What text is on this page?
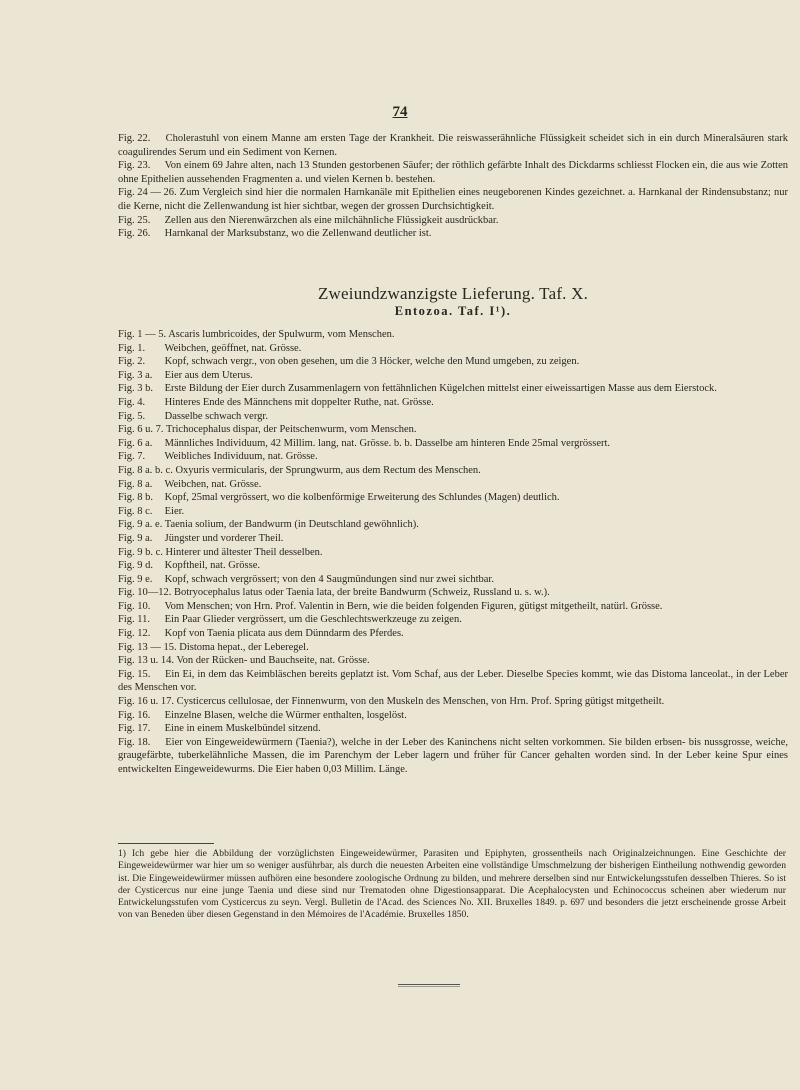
74
Fig. 22. Cholerastuhl von einem Manne am ersten Tage der Krankheit. Die reiswasserähnliche Flüssigkeit scheidet sich in ein durch Mineralsäuren stark coagulirendes Serum und ein Sediment von Kernen.
Fig. 23. Von einem 69 Jahre alten, nach 13 Stunden gestorbenen Säufer; der röthlich gefärbte Inhalt des Dickdarms schliesst Flocken ein, die aus wie Zotten ohne Epithelien aussehenden Fragmenten a. und vielen Kernen b. bestehen.
Fig. 24 — 26. Zum Vergleich sind hier die normalen Harnkanäle mit Epithelien eines neugeborenen Kindes gezeichnet. a. Harnkanal der Rindensubstanz; nur die Kerne, nicht die Zellenwandung ist hier sichtbar, wegen der grossen Durchsichtigkeit.
Fig. 25. Zellen aus den Nierenwärzchen als eine milchähnliche Flüssigkeit ausdrückbar.
Fig. 26. Harnkanal der Marksubstanz, wo die Zellenwand deutlicher ist.

Zweiundzwanzigste Lieferung. Taf. X.

Entozoa. Taf. I¹).

Fig. 1 — 5. Ascaris lumbricoides, der Spulwurm, vom Menschen.
Fig. 1. Weibchen, geöffnet, nat. Grösse.
Fig. 2. Kopf, schwach vergr., von oben gesehen, um die 3 Höcker, welche den Mund umgeben, zu zeigen.
Fig. 3 a. Eier aus dem Uterus.
Fig. 3 b. Erste Bildung der Eier durch Zusammenlagern von fettähnlichen Kügelchen mittelst einer eiweissartigen Masse aus dem Eierstock.
Fig. 4. Hinteres Ende des Männchens mit doppelter Ruthe, nat. Grösse.
Fig. 5. Dasselbe schwach vergr.
Fig. 6 u. 7. Trichocephalus dispar, der Peitschenwurm, vom Menschen.
Fig. 6 a. Männliches Individuum, 42 Millim. lang, nat. Grösse. b. b. Dasselbe am hinteren Ende 25mal vergrössert.
Fig. 7. Weibliches Individuum, nat. Grösse.
Fig. 8 a. b. c. Oxyuris vermicularis, der Sprungwurm, aus dem Rectum des Menschen.
Fig. 8 a. Weibchen, nat. Grösse.
Fig. 8 b. Kopf, 25mal vergrössert, wo die kolbenförmige Erweiterung des Schlundes (Magen) deutlich.
Fig. 8 c. Eier.
Fig. 9 a. e. Taenia solium, der Bandwurm (in Deutschland gewöhnlich).
Fig. 9 a. Jüngster und vorderer Theil.
Fig. 9 b. c. Hinterer und ältester Theil desselben.
Fig. 9 d. Kopftheil, nat. Grösse.
Fig. 9 e. Kopf, schwach vergrössert; von den 4 Saugmündungen sind nur zwei sichtbar.
Fig. 10—12. Botryocephalus latus oder Taenia lata, der breite Bandwurm (Schweiz, Russland u. s. w.).
Fig. 10. Vom Menschen; von Hrn. Prof. Valentin in Bern, wie die beiden folgenden Figuren, gütigst mitgetheilt, natürl. Grösse.
Fig. 11. Ein Paar Glieder vergrössert, um die Geschlechtswerkzeuge zu zeigen.
Fig. 12. Kopf von Taenia plicata aus dem Dünndarm des Pferdes.
Fig. 13 — 15. Distoma hepat., der Leberegel.
Fig. 13 u. 14. Von der Rücken- und Bauchseite, nat. Grösse.
Fig. 15. Ein Ei, in dem das Keimbläschen bereits geplatzt ist. Vom Schaf, aus der Leber. Dieselbe Species kommt, wie das Distoma lanceolat., in der Leber des Menschen vor.
Fig. 16 u. 17. Cysticercus cellulosae, der Finnenwurm, von den Muskeln des Menschen, von Hrn. Prof. Spring gütigst mitgetheilt.
Fig. 16. Einzelne Blasen, welche die Würmer enthalten, losgelöst.
Fig. 17. Eine in einem Muskelbündel sitzend.
Fig. 18. Eier von Eingeweidewürmern (Taenia?), welche in der Leber des Kaninchens nicht selten vorkommen. Sie bilden erbsen- bis nussgrosse, weiche, graugefärbte, tuberkelähnliche Massen, die im Parenchym der Leber lagern und früher für Cancer gehalten worden sind. In der Leber keine Spur eines entwickelten Eingeweidewurms. Die Eier haben 0,03 Millim. Länge.
1) Ich gebe hier die Abbildung der vorzüglichsten Eingeweidewürmer, Parasiten und Epiphyten, grossentheils nach Originalzeichnungen. Eine Geschichte der Eingeweidewürmer war hier um so weniger ausführbar, als durch die neuesten Arbeiten eine vollständige Umschmelzung der bisherigen Eintheilung nothwendig geworden ist. Die Eingeweidewürmer müssen aufhören eine besondere zoologische Ordnung zu bilden, und mehrere derselben sind nur Entwickelungsstufen desselben Thieres. So ist der Cysticercus nur eine junge Taenia und diese sind nur Trematoden ohne Digestionsapparat. Die Acephalocysten und Echinococcus scheinen aber wiederum nur Entwickelungsstufen vom Cysticercus zu seyn. Vergl. Bulletin de l'Acad. des Sciences No. XII. Bruxelles 1849. p. 697 und besonders die jetzt erscheinende grosse Arbeit von van Beneden über diesen Gegenstand in den Mémoires de l'Académie. Bruxelles 1850.
